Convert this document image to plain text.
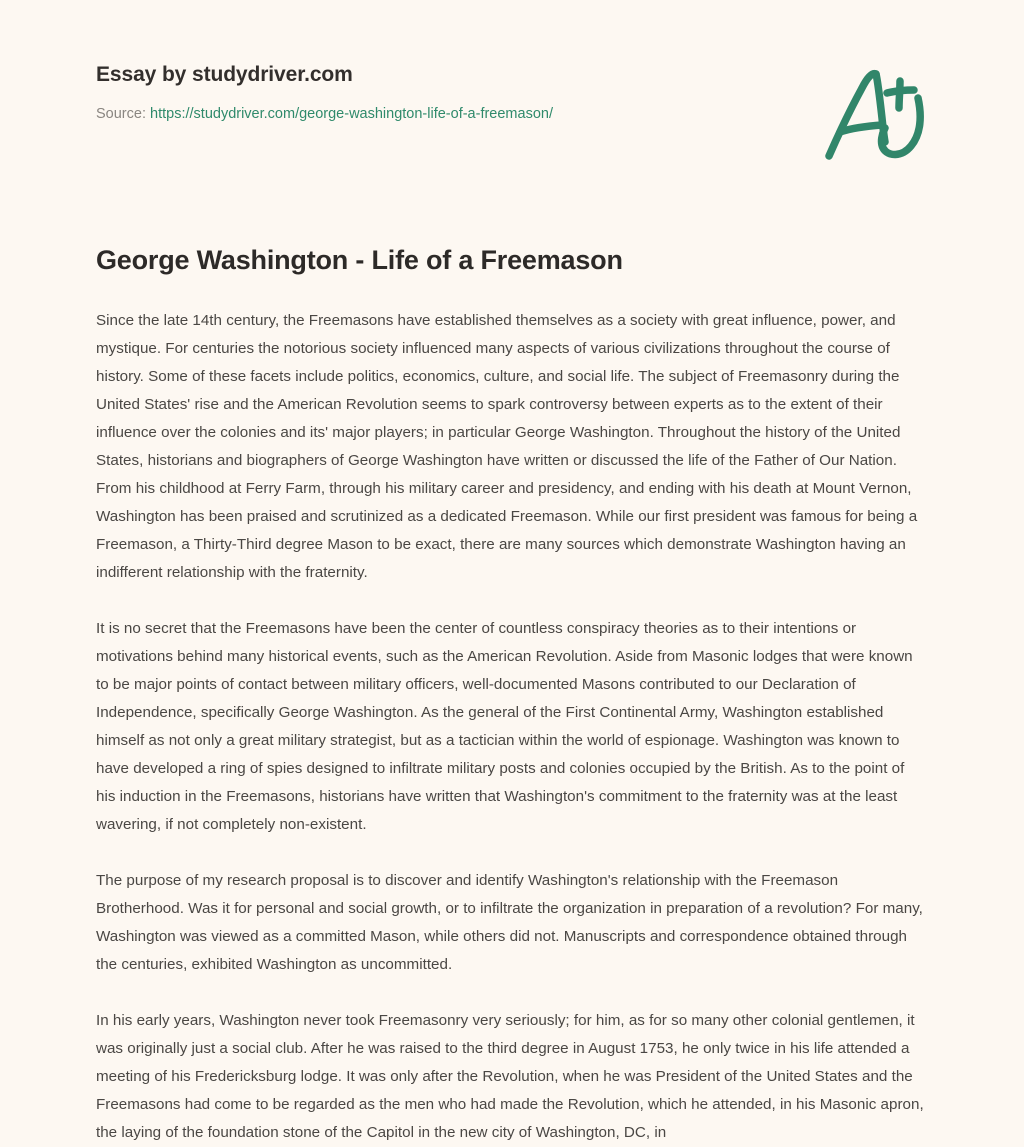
Essay by studydriver.com
Source: https://studydriver.com/george-washington-life-of-a-freemason/
George Washington - Life of a Freemason

Since the late 14th century, the Freemasons have established themselves as a society with great influence, power, and mystique. For centuries the notorious society influenced many aspects of various civilizations throughout the course of history. Some of these facets include politics, economics, culture, and social life. The subject of Freemasonry during the United States' rise and the American Revolution seems to spark controversy between experts as to the extent of their influence over the colonies and its' major players; in particular George Washington. Throughout the history of the United States, historians and biographers of George Washington have written or discussed the life of the Father of Our Nation. From his childhood at Ferry Farm, through his military career and presidency, and ending with his death at Mount Vernon, Washington has been praised and scrutinized as a dedicated Freemason. While our first president was famous for being a Freemason, a Thirty-Third degree Mason to be exact, there are many sources which demonstrate Washington having an indifferent relationship with the fraternity.

It is no secret that the Freemasons have been the center of countless conspiracy theories as to their intentions or motivations behind many historical events, such as the American Revolution. Aside from Masonic lodges that were known to be major points of contact between military officers, well-documented Masons contributed to our Declaration of Independence, specifically George Washington. As the general of the First Continental Army, Washington established himself as not only a great military strategist, but as a tactician within the world of espionage. Washington was known to have developed a ring of spies designed to infiltrate military posts and colonies occupied by the British. As to the point of his induction in the Freemasons, historians have written that Washington's commitment to the fraternity was at the least wavering, if not completely non-existent.

The purpose of my research proposal is to discover and identify Washington's relationship with the Freemason Brotherhood. Was it for personal and social growth, or to infiltrate the organization in preparation of a revolution? For many, Washington was viewed as a committed Mason, while others did not. Manuscripts and correspondence obtained through the centuries, exhibited Washington as uncommitted.

In his early years, Washington never took Freemasonry very seriously; for him, as for so many other colonial gentlemen, it was originally just a social club. After he was raised to the third degree in August 1753, he only twice in his life attended a meeting of his Fredericksburg lodge. It was only after the Revolution, when he was President of the United States and the Freemasons had come to be regarded as the men who had made the Revolution, which he attended, in his Masonic apron, the laying of the foundation stone of the Capitol in the new city of Washington, DC, in
